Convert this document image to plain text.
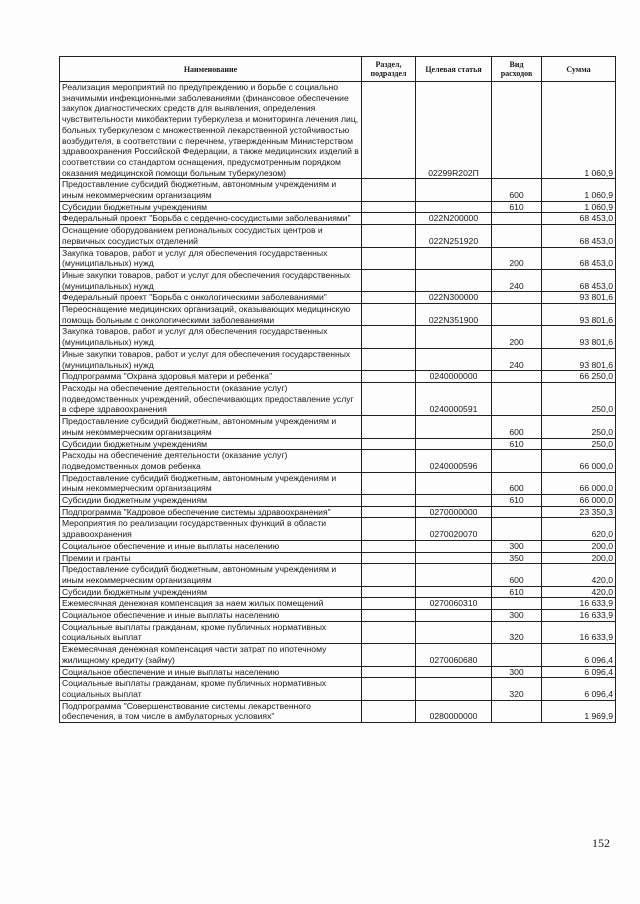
Наименование	Раздел, подраздел	Целевая статья	Вид расходов	Сумма
Реализация мероприятий по предупреждению и борьбе с социально значимыми инфекционными заболеваниями (финансовое обеспечение закупок диагностических средств для выявления, определения чувствительности микобактерии туберкулеза и мониторинга лечения лиц, больных туберкулезом с множественной лекарственной устойчивостью возбудителя, в соответствии с перечнем, утвержденным Министерством здравоохранения Российской Федерации, а также медицинских изделий в соответствии со стандартом оснащения, предусмотренным порядком оказания медицинской помощи больным туберкулезом)		02299R202П		1 060,9
Предоставление субсидий бюджетным, автономным учреждениям и иным некоммерческим организациям			600	1 060,9
Субсидии бюджетным учреждениям			610	1 060,9
Федеральный проект "Борьба с сердечно-сосудистыми заболеваниями"		022N200000		68 453,0
Оснащение оборудованием региональных сосудистых центров и первичных сосудистых отделений		022N251920		68 453,0
Закупка товаров, работ и услуг для обеспечения государственных (муниципальных) нужд			200	68 453,0
Иные закупки товаров, работ и услуг для обеспечения государственных (муниципальных) нужд			240	68 453,0
Федеральный проект "Борьба с онкологическими заболеваниями"		022N300000		93 801,6
Переоснащение медицинских организаций, оказывающих медицинскую помощь больным с онкологическими заболеваниями		022N351900		93 801,6
Закупка товаров, работ и услуг для обеспечения государственных (муниципальных) нужд			200	93 801,6
Иные закупки товаров, работ и услуг для обеспечения государственных (муниципальных) нужд			240	93 801,6
Подпрограмма "Охрана здоровья матери и ребенка"		0240000000		66 250,0
Расходы на обеспечение деятельности (оказание услуг) подведомственных учреждений, обеспечивающих предоставление услуг в сфере здравоохранения		0240000591		250,0
Предоставление субсидий бюджетным, автономным учреждениям и иным некоммерческим организациям			600	250,0
Субсидии бюджетным учреждениям			610	250,0
Расходы на обеспечение деятельности (оказание услуг) подведомственных домов ребенка		0240000596		66 000,0
Предоставление субсидий бюджетным, автономным учреждениям и иным некоммерческим организациям			600	66 000,0
Субсидии бюджетным учреждениям			610	66 000,0
Подпрограмма "Кадровое обеспечение системы здравоохранения"		0270000000		23 350,3
Мероприятия по реализации государственных функций в области здравоохранения		0270020070		620,0
Социальное обеспечение и иные выплаты населению			300	200,0
Премии и гранты			350	200,0
Предоставление субсидий бюджетным, автономным учреждениям и иным некоммерческим организациям			600	420,0
Субсидии бюджетным учреждениям			610	420,0
Ежемесячная денежная компенсация за наем жилых помещений		0270060310		16 633,9
Социальное обеспечение и иные выплаты населению			300	16 633,9
Социальные выплаты гражданам, кроме публичных нормативных социальных выплат			320	16 633,9
Ежемесячная денежная компенсация части затрат по ипотечному жилищному кредиту (займу)		0270060680		6 096,4
Социальное обеспечение и иные выплаты населению			300	6 096,4
Социальные выплаты гражданам, кроме публичных нормативных социальных выплат			320	6 096,4
Подпрограмма "Совершенствование системы лекарственного обеспечения, в том числе в амбулаторных условиях"		0280000000		1 969,9
152
